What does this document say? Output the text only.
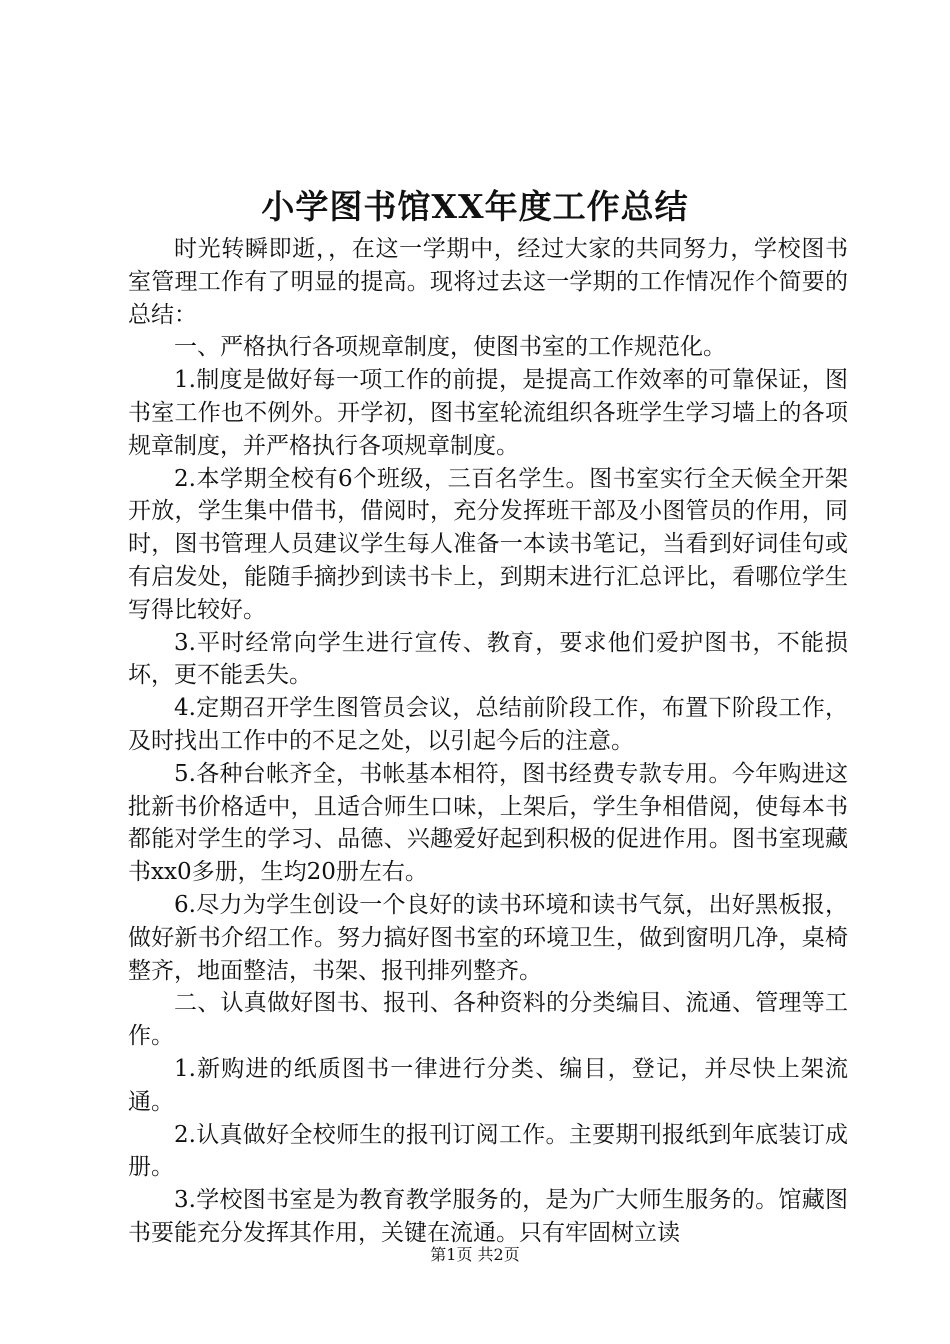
小学图书馆XX年度工作总结

时光转瞬即逝，，在这一学期中，经过大家的共同努力，学校图书室管理工作有了明显的提高。现将过去这一学期的工作情况作个简要的总结：

一、严格执行各项规章制度，使图书室的工作规范化。

1.制度是做好每一项工作的前提，是提高工作效率的可靠保证，图书室工作也不例外。开学初，图书室轮流组织各班学生学习墙上的各项规章制度，并严格执行各项规章制度。

2.本学期全校有6个班级，三百名学生。图书室实行全天候全开架开放，学生集中借书，借阅时，充分发挥班干部及小图管员的作用，同时，图书管理人员建议学生每人准备一本读书笔记，当看到好词佳句或有启发处，能随手摘抄到读书卡上，到期末进行汇总评比，看哪位学生写得比较好。

3.平时经常向学生进行宣传、教育，要求他们爱护图书，不能损坏，更不能丢失。

4.定期召开学生图管员会议，总结前阶段工作，布置下阶段工作，及时找出工作中的不足之处，以引起今后的注意。

5.各种台帐齐全，书帐基本相符，图书经费专款专用。今年购进这批新书价格适中，且适合师生口味，上架后，学生争相借阅，使每本书都能对学生的学习、品德、兴趣爱好起到积极的促进作用。图书室现藏书xx0多册，生均20册左右。

6.尽力为学生创设一个良好的读书环境和读书气氛，出好黑板报，做好新书介绍工作。努力搞好图书室的环境卫生，做到窗明几净，桌椅整齐，地面整洁，书架、报刊排列整齐。

二、认真做好图书、报刊、各种资料的分类编目、流通、管理等工作。

1.新购进的纸质图书一律进行分类、编目，登记，并尽快上架流通。

2.认真做好全校师生的报刊订阅工作。主要期刊报纸到年底装订成册。

3.学校图书室是为教育教学服务的，是为广大师生服务的。馆藏图书要能充分发挥其作用，关键在流通。只有牢固树立读

第1页 共2页
